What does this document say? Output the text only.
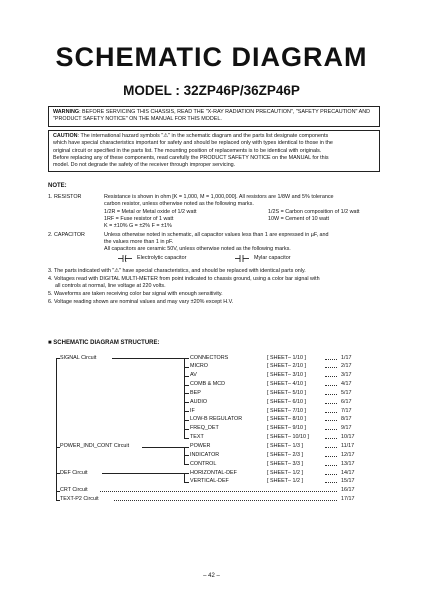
SCHEMATIC DIAGRAM
MODEL : 32ZP46P/36ZP46P
WARNING: BEFORE SERVICING THIS CHASSIS, READ THE "X-RAY RADIATION PRECAUTION", "SAFETY PRECAUTION" AND "PRODUCT SAFETY NOTICE" ON THE MANUAL FOR THIS MODEL.
CAUTION: The international hazard symbols "⚠" in the schematic diagram and the parts list designate components
which have special characteristics important for safety and should be replaced only with types identical to those in the
original circuit or specified in the parts list. The mounting position of replacements is to be identical with originals.
Before replacing any of these components, read carefully the PRODUCT SAFETY NOTICE on the MANUAL for this
model. Do not degrade the safety of the receiver through improper servicing.
NOTE:
1. RESISTOR	Resistance is shown in ohm [K = 1,000, M = 1,000,000]. All resistors are 1/8W and 5% tolerance
carbon resistor, unless otherwise noted as the following marks.
1/2R = Metal or Metal oxide of 1/2 watt	1/2S = Carbon composition of 1/2 watt
1RF = Fuse resistor of 1 watt	10W = Cement of 10 watt
K = ±10% G = ±2% F = ±1%
2. CAPACITOR	Unless otherwise noted in schematic, all capacitor values less than 1 are expressed in µF, and
the values more than 1 in pF.
All capacitors are ceramic 50V, unless otherwise noted as the following marks.
Electrolytic capacitor	Mylar capacitor
3. The parts indicated with "⚠" have special characteristics, and should be replaced with identical parts only.
4. Voltages read with DIGITAL MULTI-METER from point indicated to chassis ground, using a color bar signal with
all controls at normal, line voltage at 220 volts.
5. Waveforms are taken receiving color bar signal with enough sensitivity.
6. Voltage reading shown are nominal values and may vary ±20% except H.V.
■ SCHEMATIC DIAGRAM STRUCTURE:
SIGNAL Circuit	CONNECTORS	[ SHEET– 1/10 ]	1/17
MICRO	[ SHEET– 2/10 ]	2/17
AV	[ SHEET– 3/10 ]	3/17
COMB & MCD	[ SHEET– 4/10 ]	4/17
BEP	[ SHEET– 5/10 ]	5/17
AUDIO	[ SHEET– 6/10 ]	6/17
IF	[ SHEET– 7/10 ]	7/17
LOW-B REGULATOR	[ SHEET– 8/10 ]	8/17
FREQ_DET	[ SHEET– 9/10 ]	9/17
TEXT	[ SHEET– 10/10 ]	10/17
POWER_INDI_CONT Circuit	POWER	[ SHEET– 1/3 ]	11/17
INDICATOR	[ SHEET– 2/3 ]	12/17
CONTROL	[ SHEET– 3/3 ]	13/17
DEF Circuit	HORIZONTAL-DEF	[ SHEET– 1/2 ]	14/17
VERTICAL-DEF	[ SHEET– 1/2 ]	15/17
CRT Circuit	16/17
TEXT-P2 Circuit	17/17
– 42 –
